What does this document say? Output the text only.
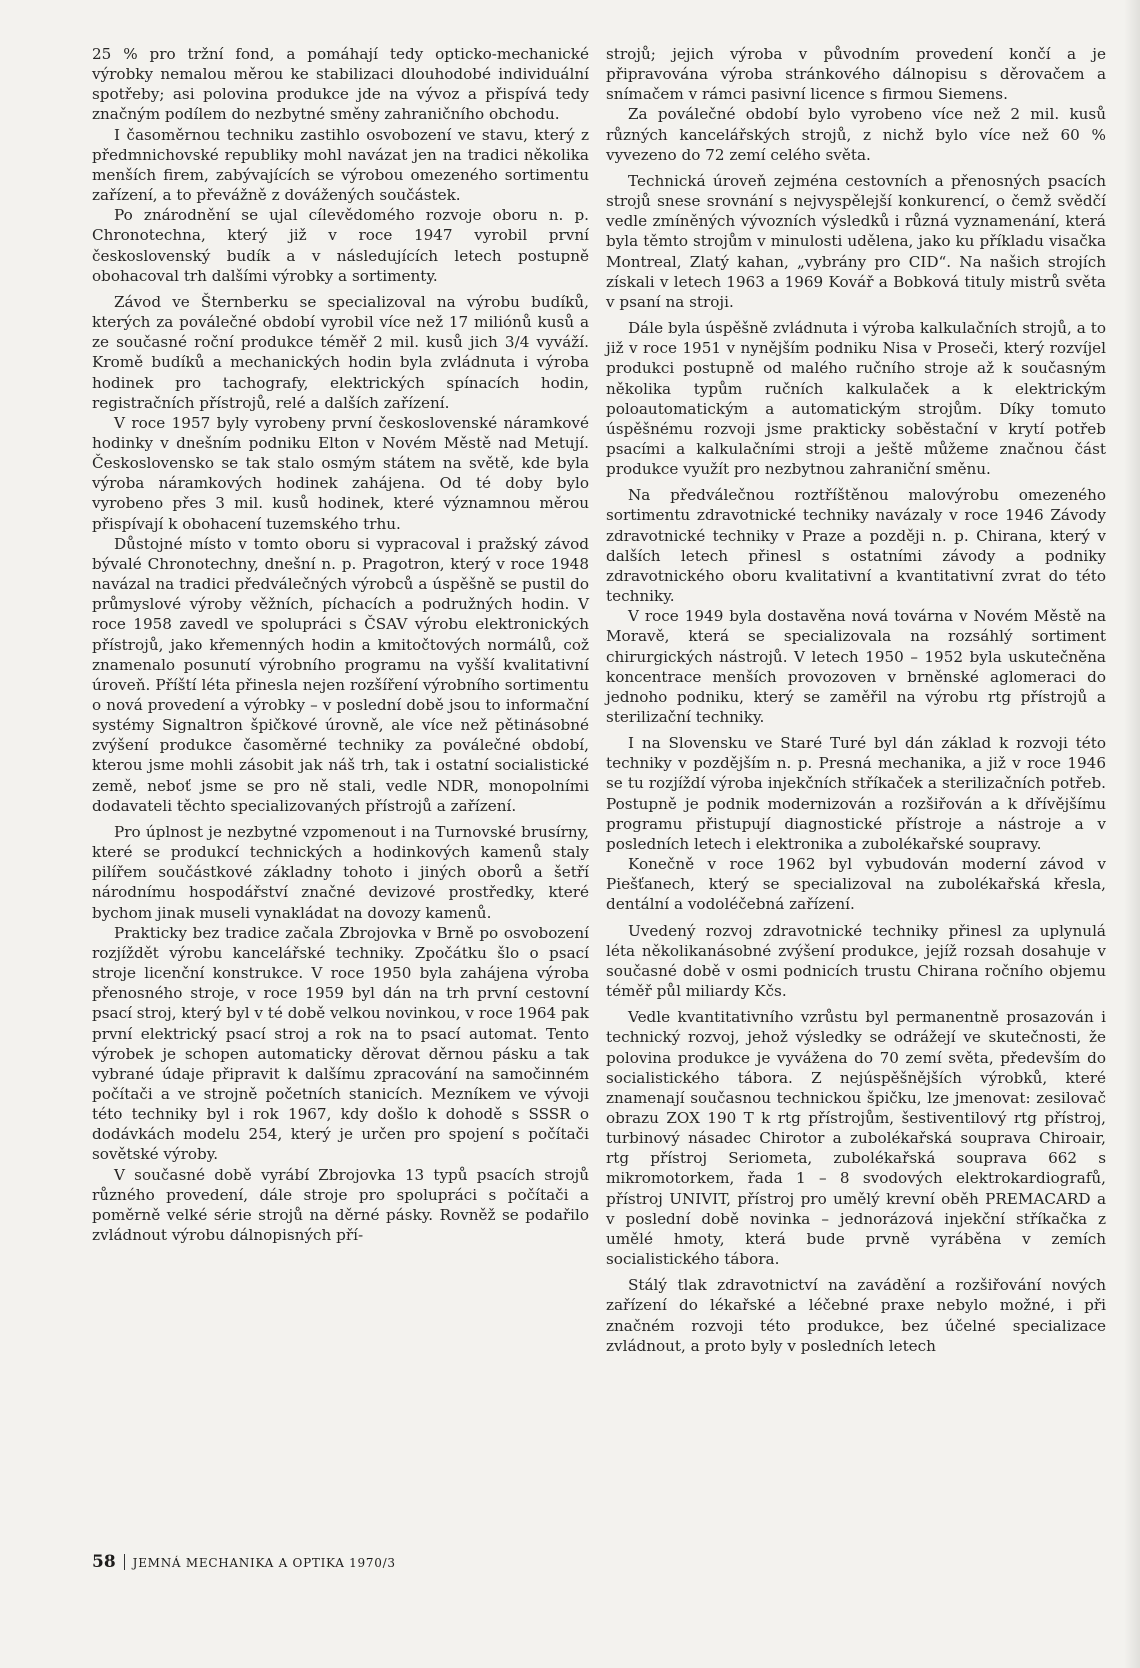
25 % pro tržní fond, a pomáhají tedy opticko-mechanické výrobky nemalou měrou ke stabilizaci dlouhodobé individuální spotřeby; asi polovina produkce jde na vývoz a přispívá tedy značným podílem do nezbytné směny zahraničního obchodu.

I časoměrnou techniku zastihlo osvobození ve stavu, který z předmnichovské republiky mohl navázat jen na tradici několika menších firem, zabývajících se výrobou omezeného sortimentu zařízení, a to převážně z dovážených součástek.

Po znárodnění se ujal cílevědomého rozvoje oboru n. p. Chronotechna, který již v roce 1947 vyrobil první československý budík a v následujících letech postupně obohacoval trh dalšími výrobky a sortimenty.

Závod ve Šternberku se specializoval na výrobu budíků, kterých za poválečné období vyrobil více než 17 miliónů kusů a ze současné roční produkce téměř 2 mil. kusů jich 3/4 vyváží. Kromě budíků a mechanických hodin byla zvládnuta i výroba hodinek pro tachografy, elektrických spínacích hodin, registračních přístrojů, relé a dalších zařízení.

V roce 1957 byly vyrobeny první československé náramkové hodinky v dnešním podniku Elton v Novém Městě nad Metují. Československo se tak stalo osmým státem na světě, kde byla výroba náramkových hodinek zahájena. Od té doby bylo vyrobeno přes 3 mil. kusů hodinek, které významnou měrou přispívají k obohacení tuzemského trhu.

Důstojné místo v tomto oboru si vypracoval i pražský závod bývalé Chronotechny, dnešní n. p. Pragotron, který v roce 1948 navázal na tradici předválečných výrobců a úspěšně se pustil do průmyslové výroby věžních, píchacích a podružných hodin. V roce 1958 zavedl ve spolupráci s ČSAV výrobu elektronických přístrojů, jako křemenných hodin a kmitočtových normálů, což znamenalo posunutí výrobního programu na vyšší kvalitativní úroveň. Příští léta přinesla nejen rozšíření výrobního sortimentu o nová provedení a výrobky – v poslední době jsou to informační systémy Signaltron špičkové úrovně, ale více než pětinásobné zvýšení produkce časoměrné techniky za poválečné období, kterou jsme mohli zásobit jak náš trh, tak i ostatní socialistické země, neboť jsme se pro ně stali, vedle NDR, monopolními dodavateli těchto specializovaných přístrojů a zařízení.

Pro úplnost je nezbytné vzpomenout i na Turnovské brusírny, které se produkcí technických a hodinkových kamenů staly pilířem součástkové základny tohoto i jiných oborů a šetří národnímu hospodářství značné devizové prostředky, které bychom jinak museli vynakládat na dovozy kamenů.

Prakticky bez tradice začala Zbrojovka v Brně po osvobození rozjíždět výrobu kancelářské techniky. Zpočátku šlo o psací stroje licenční konstrukce. V roce 1950 byla zahájena výroba přenosného stroje, v roce 1959 byl dán na trh první cestovní psací stroj, který byl v té době velkou novinkou, v roce 1964 pak první elektrický psací stroj a rok na to psací automat. Tento výrobek je schopen automaticky děrovat děrnou pásku a tak vybrané údaje připravit k dalšímu zpracování na samočinném počítači a ve strojně početních stanicích. Mezníkem ve vývoji této techniky byl i rok 1967, kdy došlo k dohodě s SSSR o dodávkách modelu 254, který je určen pro spojení s počítači sovětské výroby.

V současné době vyrábí Zbrojovka 13 typů psacích strojů různého provedení, dále stroje pro spolupráci s počítači a poměrně velké série strojů na děrné pásky. Rovněž se podařilo zvládnout výrobu dálnopisných pří-

strojů; jejich výroba v původním provedení končí a je připravována výroba stránkového dálnopisu s děrovačem a snímačem v rámci pasivní licence s firmou Siemens.

Za poválečné období bylo vyrobeno více než 2 mil. kusů různých kancelářských strojů, z nichž bylo více než 60 % vyvezeno do 72 zemí celého světa.

Technická úroveň zejména cestovních a přenosných psacích strojů snese srovnání s nejvyspělejší konkurencí, o čemž svědčí vedle zmíněných vývozních výsledků i různá vyznamenání, která byla těmto strojům v minulosti udělena, jako ku příkladu visačka Montreal, Zlatý kahan, „vybrány pro CID“. Na našich strojích získali v letech 1963 a 1969 Kovář a Bobková tituly mistrů světa v psaní na stroji.

Dále byla úspěšně zvládnuta i výroba kalkulačních strojů, a to již v roce 1951 v nynějším podniku Nisa v Proseči, který rozvíjel produkci postupně od malého ručního stroje až k současným několika typům ručních kalkulaček a k elektrickým poloautomatickým a automatickým strojům. Díky tomuto úspěšnému rozvoji jsme prakticky soběstační v krytí potřeb psacími a kalkulačními stroji a ještě můžeme značnou část produkce využít pro nezbytnou zahraniční směnu.

Na předválečnou roztříštěnou malovýrobu omezeného sortimentu zdravotnické techniky navázaly v roce 1946 Závody zdravotnické techniky v Praze a později n. p. Chirana, který v dalších letech přinesl s ostatními závody a podniky zdravotnického oboru kvalitativní a kvantitativní zvrat do této techniky.

V roce 1949 byla dostavěna nová továrna v Novém Městě na Moravě, která se specializovala na rozsáhlý sortiment chirurgických nástrojů. V letech 1950 – 1952 byla uskutečněna koncentrace menších provozoven v brněnské aglomeraci do jednoho podniku, který se zaměřil na výrobu rtg přístrojů a sterilizační techniky.

I na Slovensku ve Staré Turé byl dán základ k rozvoji této techniky v pozdějším n. p. Presná mechanika, a již v roce 1946 se tu rozjíždí výroba injekčních stříkaček a sterilizačních potřeb. Postupně je podnik modernizován a rozšiřován a k dřívějšímu programu přistupují diagnostické přístroje a nástroje a v posledních letech i elektronika a zubolékařské soupravy.

Konečně v roce 1962 byl vybudován moderní závod v Piešťanech, který se specializoval na zubolékařská křesla, dentální a vodoléčebná zařízení.

Uvedený rozvoj zdravotnické techniky přinesl za uplynulá léta několikanásobné zvýšení produkce, jejíž rozsah dosahuje v současné době v osmi podnicích trustu Chirana ročního objemu téměř půl miliardy Kčs.

Vedle kvantitativního vzrůstu byl permanentně prosazován i technický rozvoj, jehož výsledky se odrážejí ve skutečnosti, že polovina produkce je vyvážena do 70 zemí světa, především do socialistického tábora. Z nejúspěšnějších výrobků, které znamenají současnou technickou špičku, lze jmenovat: zesilovač obrazu ZOX 190 T k rtg přístrojům, šestiventilový rtg přístroj, turbinový násadec Chirotor a zubolékařská souprava Chiroair, rtg přístroj Seriometa, zubolékařská souprava 662 s mikromotorkem, řada 1 – 8 svodových elektrokardiografů, přístroj UNIVIT, přístroj pro umělý krevní oběh PREMACARD a v poslední době novinka – jednorázová injekční stříkačka z umělé hmoty, která bude prvně vyráběna v zemích socialistického tábora.

Stálý tlak zdravotnictví na zavádění a rozšiřování nových zařízení do lékařské a léčebné praxe nebylo možné, i při značném rozvoji této produkce, bez účelné specializace zvládnout, a proto byly v posledních letech

58 JEMNÁ MECHANIKA A OPTIKA 1970/3
